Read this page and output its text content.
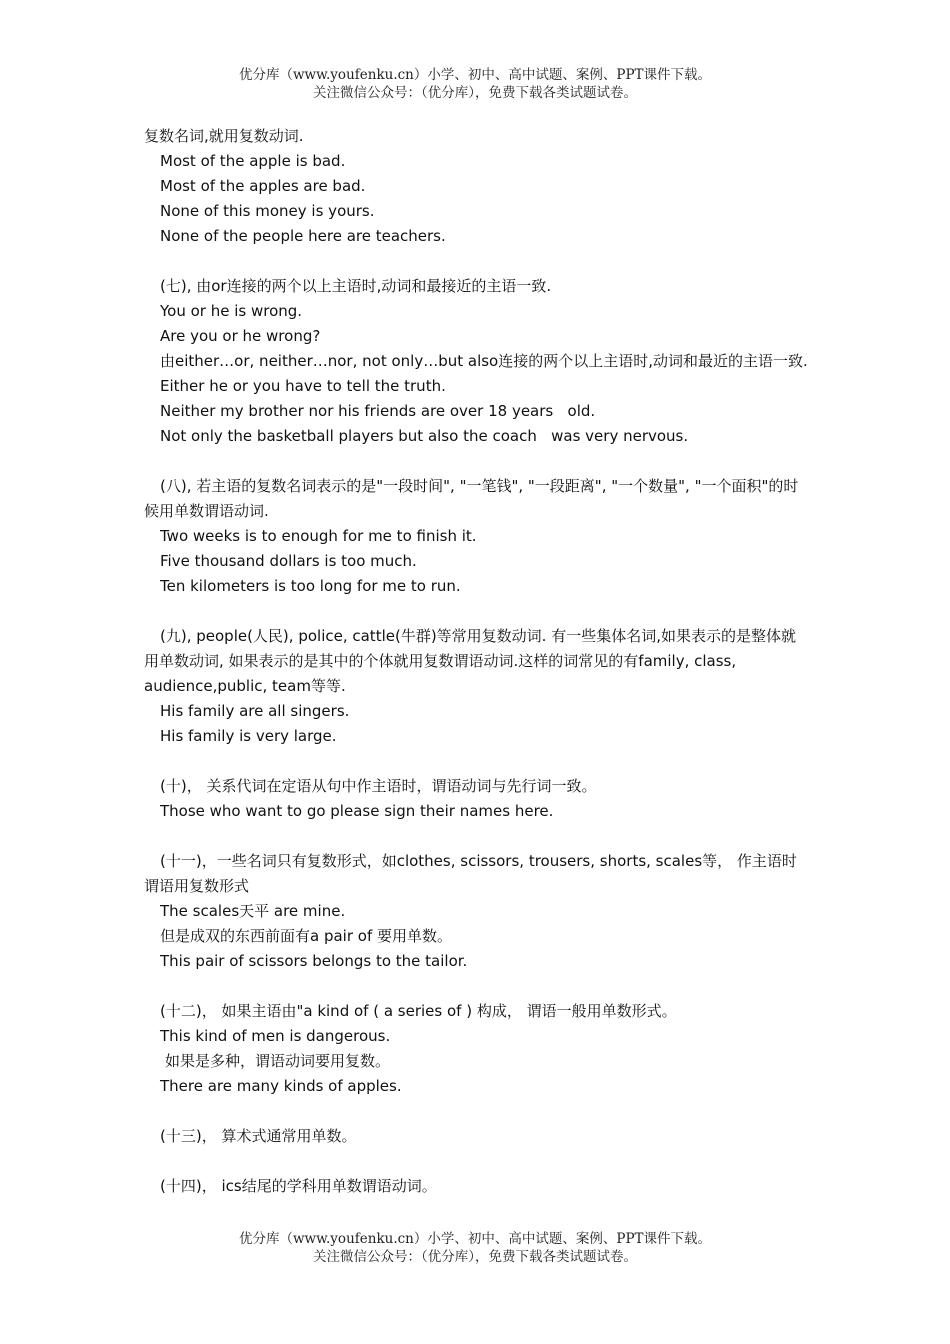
优分库（www.youfenku.cn）小学、初中、高中试题、案例、PPT课件下载。
关注微信公众号：（优分库），免费下载各类试题试卷。

复数名词,就用复数动词.

Most of the apple is bad.

Most of the apples are bad.

None of this money is yours.

None of the people here are teachers.

(七), 由or连接的两个以上主语时,动词和最接近的主语一致.

You or he is wrong.

Are you or he wrong?

由either…or, neither…nor, not only…but also连接的两个以上主语时,动词和最近的主语一致.

Either he or you have to tell the truth.

Neither my brother nor his friends are over 18 years   old.

Not only the basketball players but also the coach   was very nervous.

(八), 若主语的复数名词表示的是"一段时间", "一笔钱", "一段距离", "一个数量", "一个面积"的时候用单数谓语动词.

Two weeks is to enough for me to finish it.

Five thousand dollars is too much.

Ten kilometers is too long for me to run.

(九), people(人民), police, cattle(牛群)等常用复数动词. 有一些集体名词,如果表示的是整体就用单数动词, 如果表示的是其中的个体就用复数谓语动词.这样的词常见的有family, class, audience,public, team等等.

His family are all singers.

His family is very large.

(十)， 关系代词在定语从句中作主语时，谓语动词与先行词一致。

Those who want to go please sign their names here.

(十一)，一些名词只有复数形式，如clothes, scissors, trousers, shorts, scales等， 作主语时谓语用复数形式

The scales天平 are mine.

但是成双的东西前面有a pair of 要用单数。

This pair of scissors belongs to the tailor.

(十二)， 如果主语由"a kind of ( a series of ) 构成， 谓语一般用单数形式。

This kind of men is dangerous.

如果是多种，谓语动词要用复数。

There are many kinds of apples.

(十三)， 算术式通常用单数。

(十四)， ics结尾的学科用单数谓语动词。

优分库（www.youfenku.cn）小学、初中、高中试题、案例、PPT课件下载。
关注微信公众号：（优分库），免费下载各类试题试卷。
